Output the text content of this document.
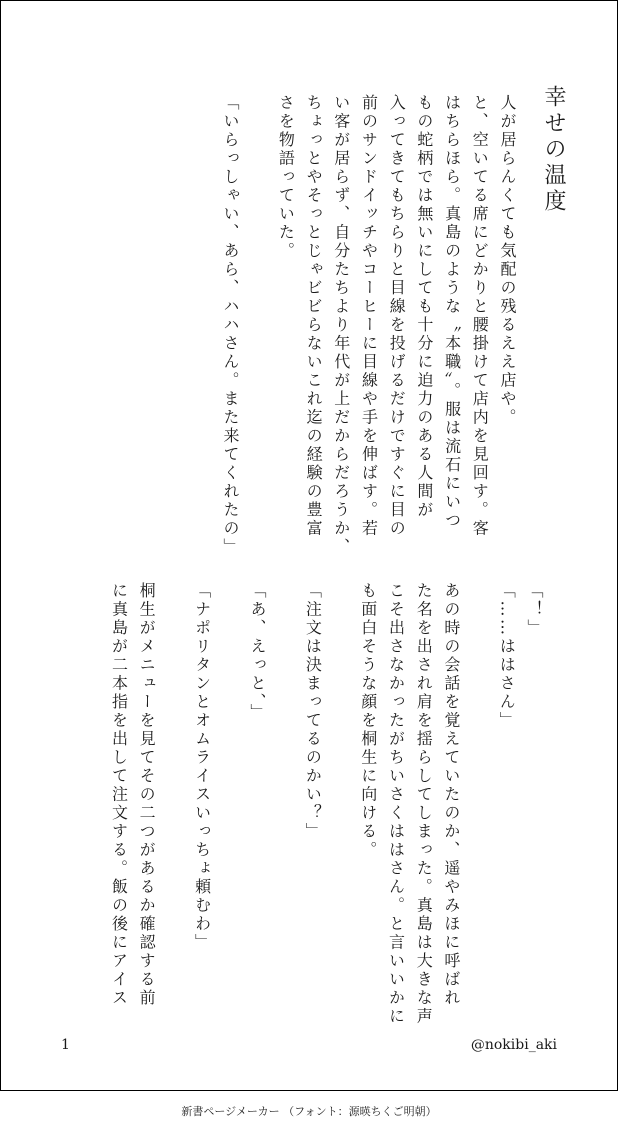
幸せの温度
人が居らんくても気配の残るええ店や。
と、空いてる席にどかりと腰掛けて店内を見回す。客
はちらほら。真島のような〝本職〟。服は流石にいつ
もの蛇柄では無いにしても十分に迫力のある人間が
入ってきてもちらりと目線を投げるだけですぐに目の
前のサンドイッチやコーヒーに目線や手を伸ばす。若
い客が居らず、自分たちより年代が上だからだろうか、
ちょっとやそっとじゃビビらないこれ迄の経験の豊富
さを物語っていた。
「いらっしゃい、あら、ハハさん。また来てくれたの」
「！」
「……ははさん」
あの時の会話を覚えていたのか、遥やみほに呼ばれ
た名を出され肩を揺らしてしまった。真島は大きな声
こそ出さなかったがちいさくははさん。と言いいかに
も面白そうな顔を桐生に向ける。
「注文は決まってるのかい？」
「あ、えっと、」
「ナポリタンとオムライスいっちょ頼むわ」
桐生がメニューを見てその二つがあるか確認する前
に真島が二本指を出して注文する。飯の後にアイス
1	@nokibi_aki
新書ページメーカー （フォント：源暎ちくご明朝）
